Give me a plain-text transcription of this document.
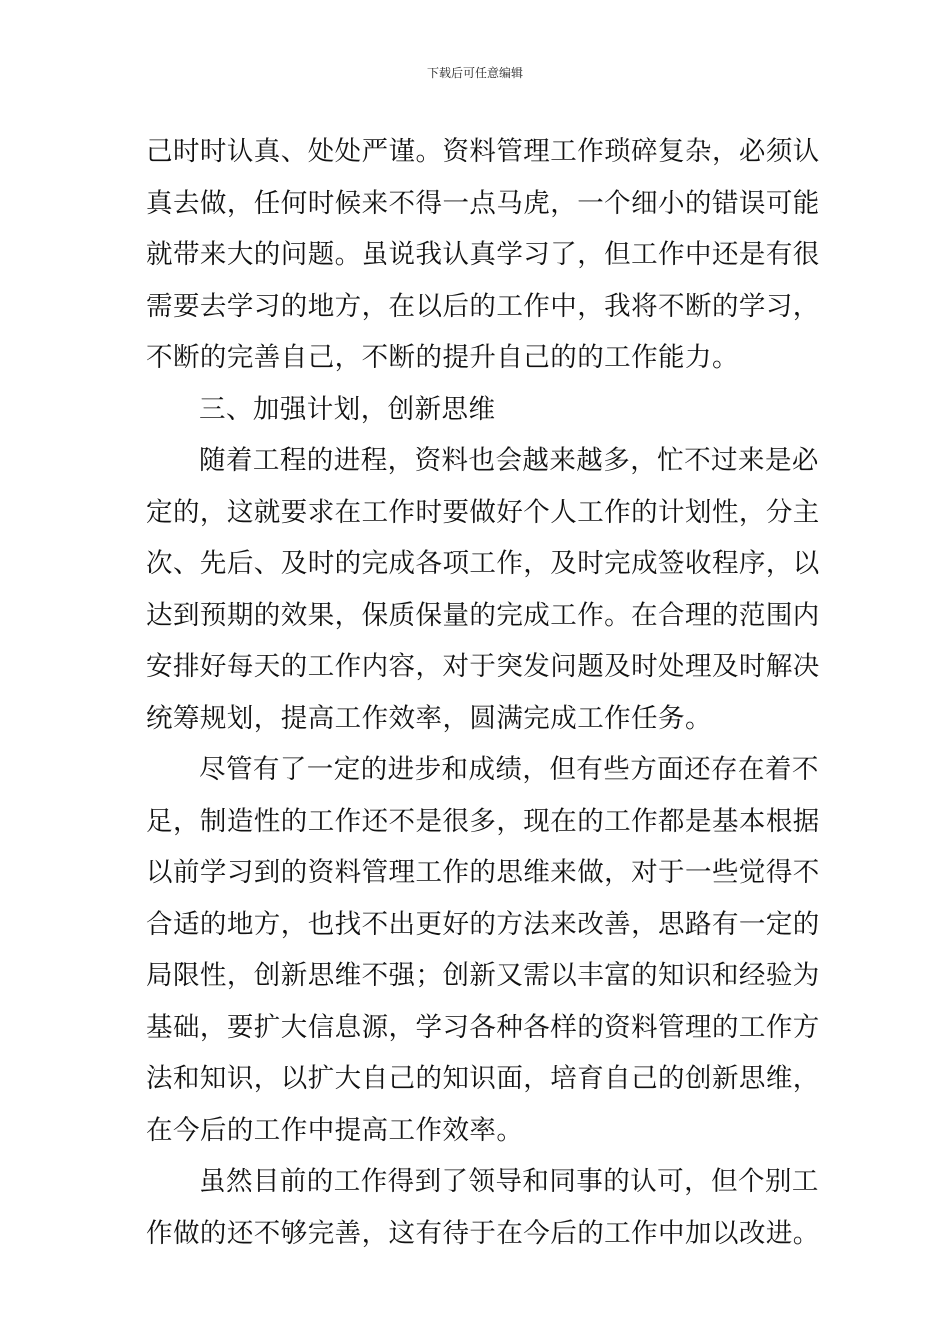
下载后可任意编辑
己时时认真、处处严谨。资料管理工作琐碎复杂，必须认
真去做，任何时候来不得一点马虎，一个细小的错误可能
就带来大的问题。虽说我认真学习了，但工作中还是有很
需要去学习的地方，在以后的工作中，我将不断的学习，
不断的完善自己，不断的提升自己的的工作能力。
三、加强计划，创新思维
随着工程的进程，资料也会越来越多，忙不过来是必
定的，这就要求在工作时要做好个人工作的计划性，分主
次、先后、及时的完成各项工作，及时完成签收程序，以
达到预期的效果，保质保量的完成工作。在合理的范围内
安排好每天的工作内容，对于突发问题及时处理及时解决
统筹规划，提高工作效率，圆满完成工作任务。
尽管有了一定的进步和成绩，但有些方面还存在着不
足，制造性的工作还不是很多，现在的工作都是基本根据
以前学习到的资料管理工作的思维来做，对于一些觉得不
合适的地方，也找不出更好的方法来改善，思路有一定的
局限性，创新思维不强；创新又需以丰富的知识和经验为
基础，要扩大信息源，学习各种各样的资料管理的工作方
法和知识，以扩大自己的知识面，培育自己的创新思维，
在今后的工作中提高工作效率。
虽然目前的工作得到了领导和同事的认可，但个别工
作做的还不够完善，这有待于在今后的工作中加以改进。
